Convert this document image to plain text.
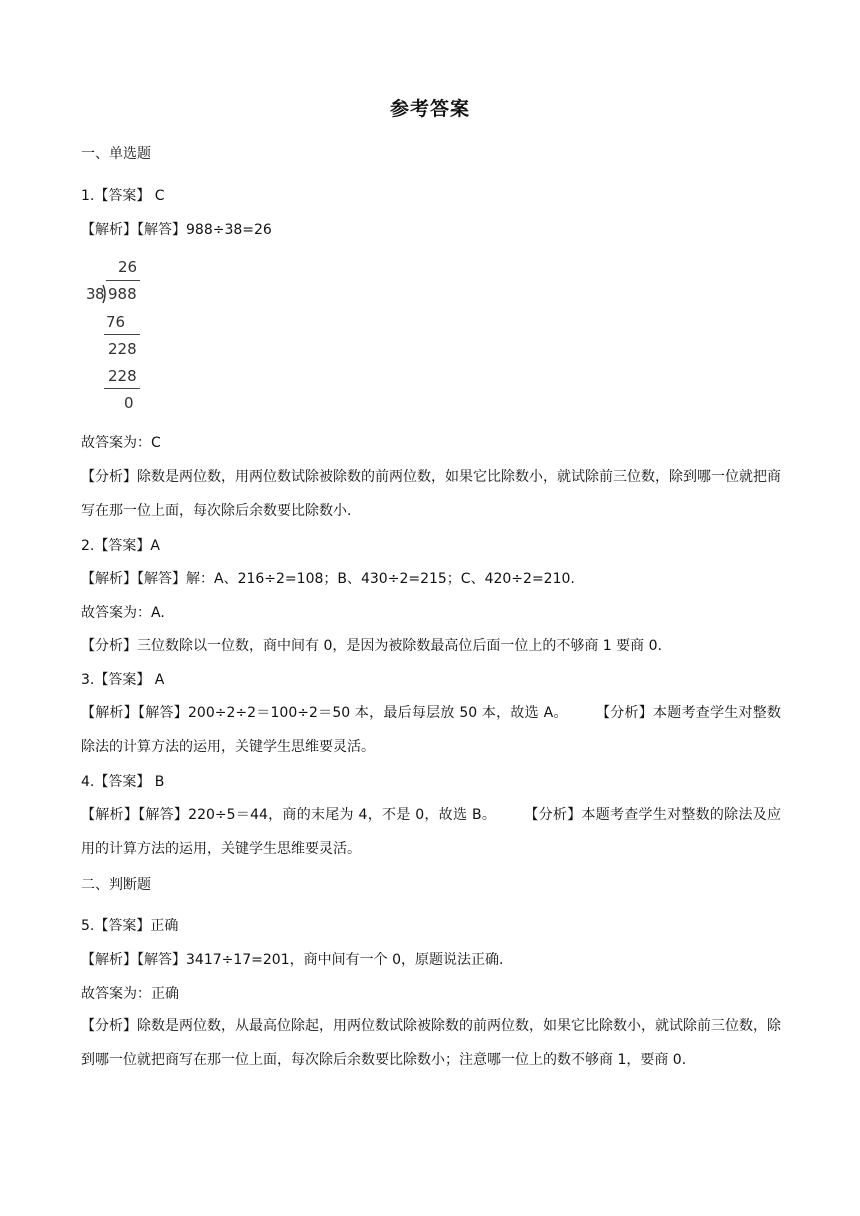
参考答案
一、单选题
1.【答案】 C
【解析】【解答】988÷38=26
26
38 988
76
228
228
0
故答案为：C
【分析】除数是两位数，用两位数试除被除数的前两位数，如果它比除数小，就试除前三位数，除到哪一位就把商写在那一位上面，每次除后余数要比除数小.
2.【答案】A
【解析】【解答】解：A、216÷2=108；B、430÷2=215；C、420÷2=210.
故答案为：A.
【分析】三位数除以一位数，商中间有 0，是因为被除数最高位后面一位上的不够商 1 要商 0.
3.【答案】 A
【解析】【解答】200÷2÷2＝100÷2＝50 本，最后每层放 50 本，故选 A。 【分析】本题考查学生对整数除法的计算方法的运用，关键学生思维要灵活。
4.【答案】 B
【解析】【解答】220÷5＝44，商的末尾为 4，不是 0，故选 B。 【分析】本题考查学生对整数的除法及应用的计算方法的运用，关键学生思维要灵活。
二、判断题
5.【答案】正确
【解析】【解答】3417÷17=201，商中间有一个 0，原题说法正确.
故答案为：正确
【分析】除数是两位数，从最高位除起，用两位数试除被除数的前两位数，如果它比除数小，就试除前三位数，除到哪一位就把商写在那一位上面，每次除后余数要比除数小；注意哪一位上的数不够商 1，要商 0.
